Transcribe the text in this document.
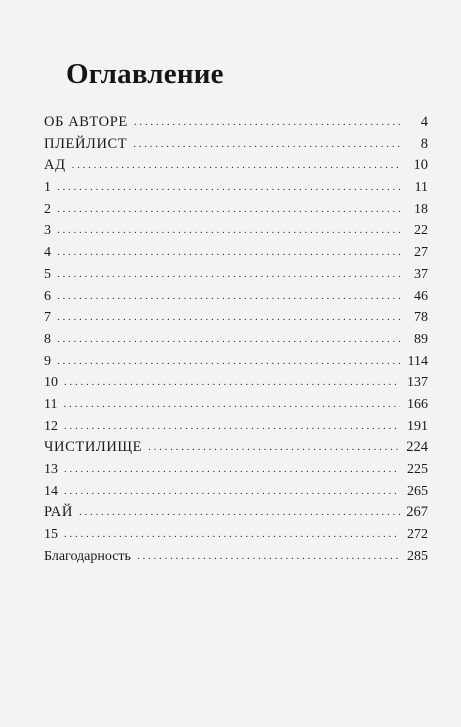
Оглавление
ОБ АВТОРЕ . . .	4
ПЛЕЙЛИСТ . . .	8
АД . . .	10
1 . . .	11
2 . . .	18
3 . . .	22
4 . . .	27
5 . . .	37
6 . . .	46
7 . . .	78
8 . . .	89
9 . . .	114
10 . . .	137
11 . . .	166
12 . . .	191
ЧИСТИЛИЩЕ . . .	224
13 . . .	225
14 . . .	265
РАЙ . . .	267
15 . . .	272
Благодарность . . .	285
